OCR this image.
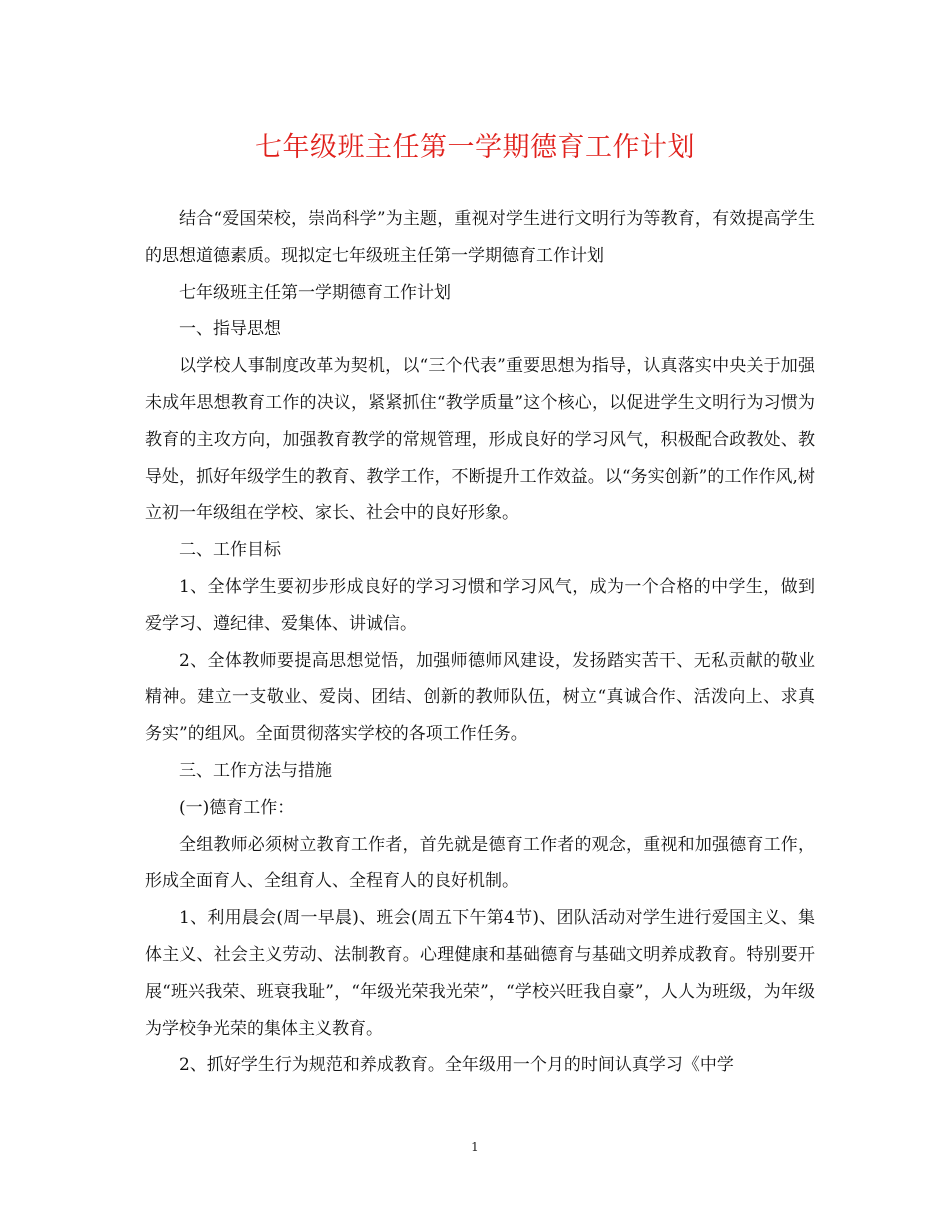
七年级班主任第一学期德育工作计划

结合“爱国荣校，崇尚科学”为主题，重视对学生进行文明行为等教育，有效提高学生的思想道德素质。现拟定七年级班主任第一学期德育工作计划

七年级班主任第一学期德育工作计划

一、指导思想

以学校人事制度改革为契机，以“三个代表”重要思想为指导，认真落实中央关于加强未成年思想教育工作的决议，紧紧抓住“教学质量”这个核心，以促进学生文明行为习惯为教育的主攻方向，加强教育教学的常规管理，形成良好的学习风气，积极配合政教处、教导处，抓好年级学生的教育、教学工作，不断提升工作效益。以“务实创新”的工作作风,树立初一年级组在学校、家长、社会中的良好形象。

二、工作目标

1、全体学生要初步形成良好的学习习惯和学习风气，成为一个合格的中学生，做到爱学习、遵纪律、爱集体、讲诚信。

2、全体教师要提高思想觉悟，加强师德师风建设，发扬踏实苦干、无私贡献的敬业精神。建立一支敬业、爱岗、团结、创新的教师队伍，树立“真诚合作、活泼向上、求真务实”的组风。全面贯彻落实学校的各项工作任务。

三、工作方法与措施

(一)德育工作：

全组教师必须树立教育工作者，首先就是德育工作者的观念，重视和加强德育工作，形成全面育人、全组育人、全程育人的良好机制。

1、利用晨会(周一早晨)、班会(周五下午第4节)、团队活动对学生进行爱国主义、集体主义、社会主义劳动、法制教育。心理健康和基础德育与基础文明养成教育。特别要开展“班兴我荣、班衰我耻”，“年级光荣我光荣”，“学校兴旺我自豪”，人人为班级，为年级为学校争光荣的集体主义教育。

2、抓好学生行为规范和养成教育。全年级用一个月的时间认真学习《中学

1
